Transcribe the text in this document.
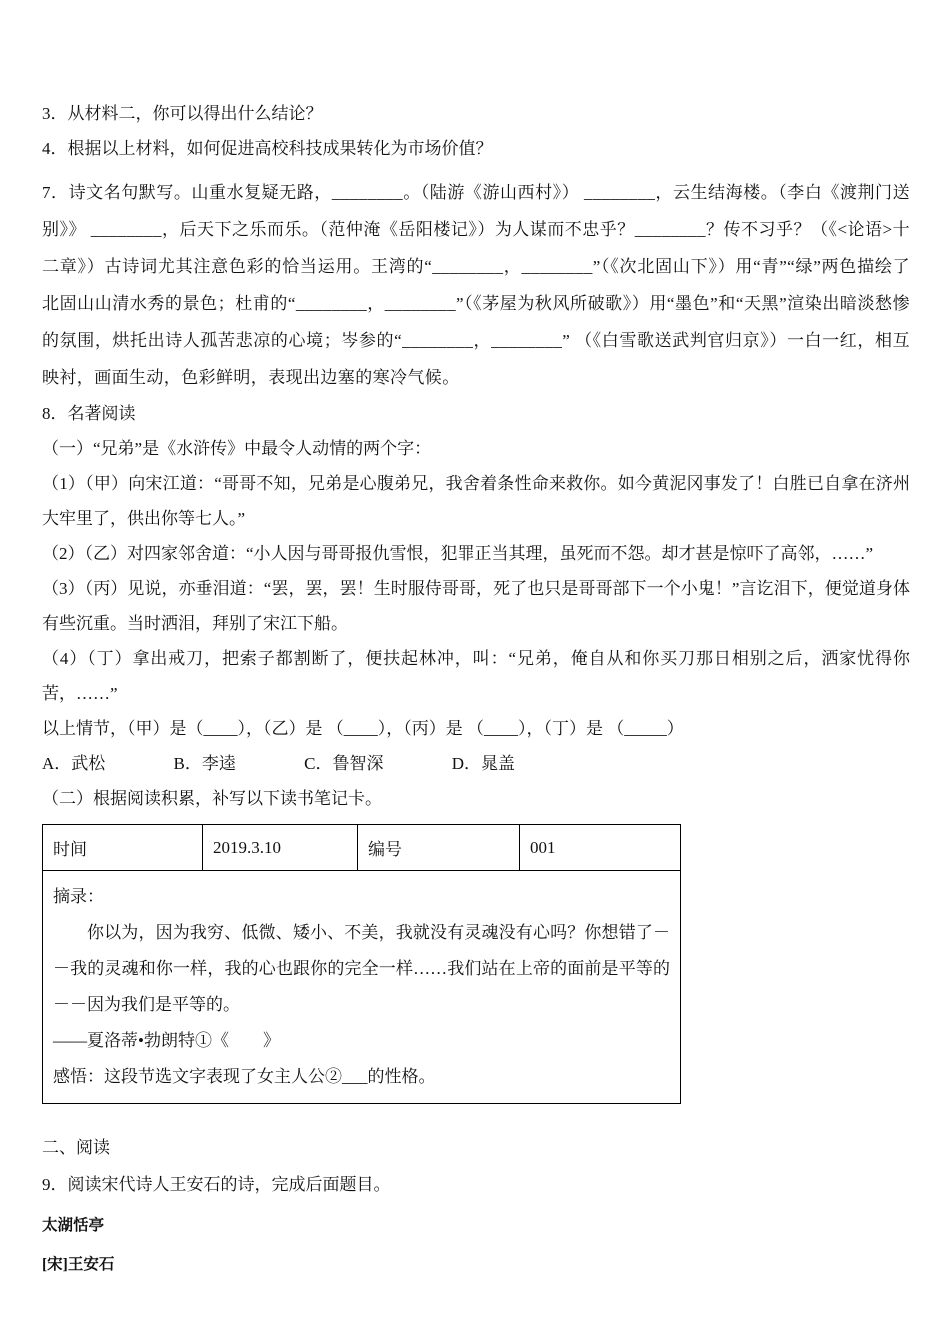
3．从材料二，你可以得出什么结论？

4．根据以上材料，如何促进高校科技成果转化为市场价值？

7．诗文名句默写。山重水复疑无路，________。（陆游《游山西村》） ________，云生结海楼。（李白《渡荆门送别》》 ________，后天下之乐而乐。（范仲淹《岳阳楼记》）为人谋而不忠乎？________？传不习乎？（《<论语>十二章》）古诗词尤其注意色彩的恰当运用。王湾的“________，________”（《次北固山下》）用“青”“绿”两色描绘了北固山山清水秀的景色；杜甫的“________，________”（《茅屋为秋风所破歌》）用“墨色”和“天黑”渲染出暗淡愁惨的氛围，烘托出诗人孤苦悲凉的心境；岑参的“________，________” （《白雪歌送武判官归京》）一白一红，相互映衬，画面生动，色彩鲜明，表现出边塞的寒冷气候。

8．名著阅读

（一）“兄弟”是《水浒传》中最令人动情的两个字：

（1）（甲）向宋江道：“哥哥不知，兄弟是心腹弟兄，我舍着条性命来救你。如今黄泥冈事发了！白胜已自拿在济州大牢里了，供出你等七人。”

（2）（乙）对四家邻舍道：“小人因与哥哥报仇雪恨，犯罪正当其理，虽死而不怨。却才甚是惊吓了高邻，……”

（3）（丙）见说，亦垂泪道：“罢，罢，罢！生时服侍哥哥，死了也只是哥哥部下一个小鬼！”言讫泪下，便觉道身体有些沉重。当时洒泪，拜别了宋江下船。

（4）（丁）拿出戒刀，把索子都割断了，便扶起林冲，叫：“兄弟，俺自从和你买刀那日相别之后，洒家忧得你苦，……”

以上情节，（甲）是（____），（乙）是 （____），（丙）是 （____），（丁）是 （_____）

A．武松	B．李逵	C．鲁智深	D．晁盖

（二）根据阅读积累，补写以下读书笔记卡。

时间	2019.3.10	编号	001

摘录：

你以为，因为我穷、低微、矮小、不美，我就没有灵魂没有心吗？你想错了－－我的灵魂和你一样，我的心也跟你的完全一样……我们站在上帝的面前是平等的－－因为我们是平等的。

——夏洛蒂•勃朗特①《　　》

感悟：这段节选文字表现了女主人公②___的性格。

二、阅读

9．阅读宋代诗人王安石的诗，完成后面题目。

太湖恬亭

[宋]王安石
